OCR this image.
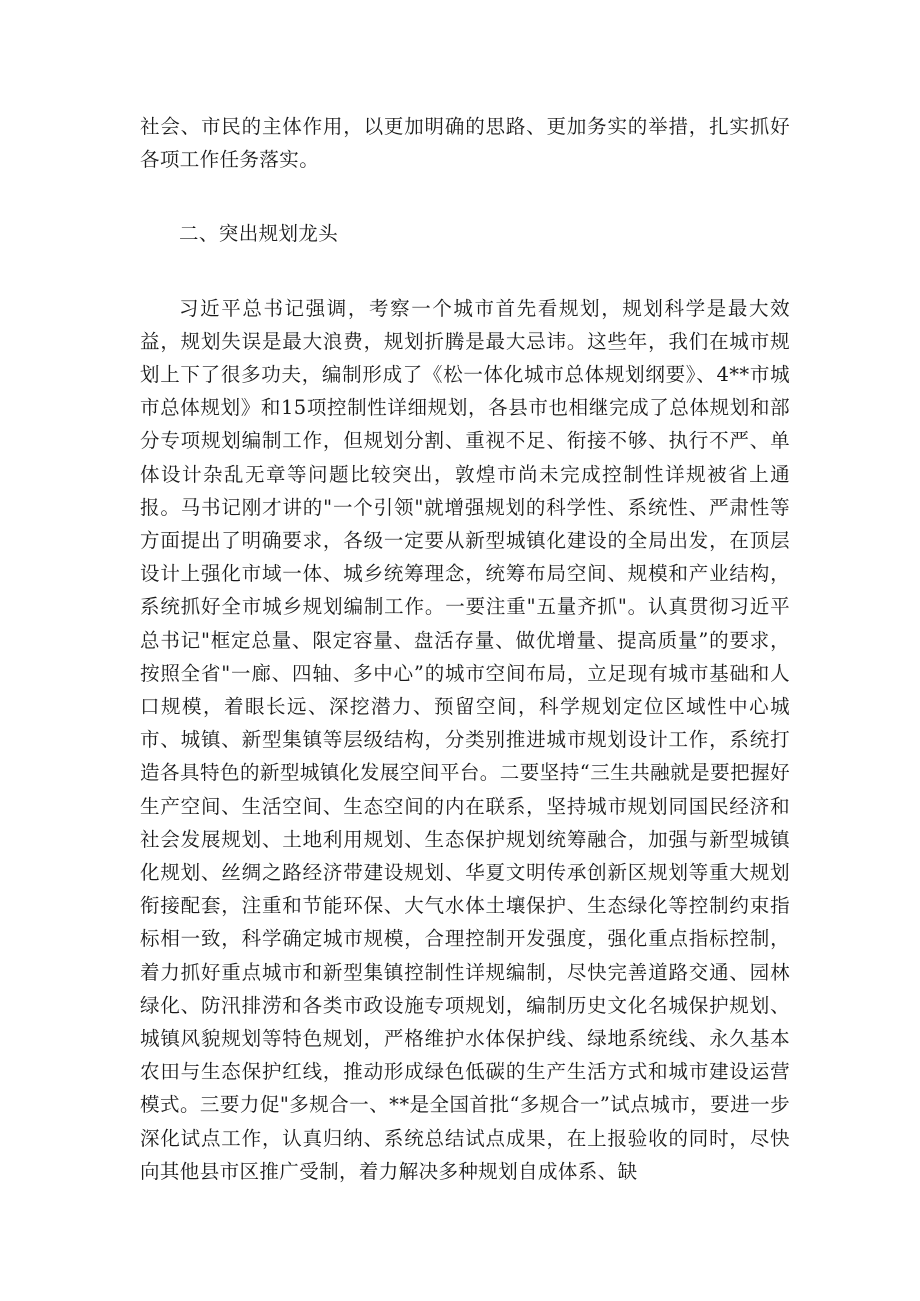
社会、市民的主体作用，以更加明确的思路、更加务实的举措，扎实抓好各项工作任务落实。

二、突出规划龙头

习近平总书记强调，考察一个城市首先看规划，规划科学是最大效益，规划失误是最大浪费，规划折腾是最大忌讳。这些年，我们在城市规划上下了很多功夫，编制形成了《松一体化城市总体规划纲要》、4**市城市总体规划》和15项控制性详细规划，各县市也相继完成了总体规划和部分专项规划编制工作，但规划分割、重视不足、衔接不够、执行不严、单体设计杂乱无章等问题比较突出，敦煌市尚未完成控制性详规被省上通报。马书记刚才讲的"一个引领"就增强规划的科学性、系统性、严肃性等方面提出了明确要求，各级一定要从新型城镇化建设的全局出发，在顶层设计上强化市域一体、城乡统筹理念，统筹布局空间、规模和产业结构，系统抓好全市城乡规划编制工作。一要注重"五量齐抓"。认真贯彻习近平总书记"框定总量、限定容量、盘活存量、做优增量、提高质量”的要求，按照全省"一廊、四轴、多中心”的城市空间布局，立足现有城市基础和人口规模，着眼长远、深挖潜力、预留空间，科学规划定位区域性中心城市、城镇、新型集镇等层级结构，分类别推进城市规划设计工作，系统打造各具特色的新型城镇化发展空间平台。二要坚持“三生共融就是要把握好生产空间、生活空间、生态空间的内在联系，坚持城市规划同国民经济和社会发展规划、土地利用规划、生态保护规划统筹融合，加强与新型城镇化规划、丝绸之路经济带建设规划、华夏文明传承创新区规划等重大规划衔接配套，注重和节能环保、大气水体土壤保护、生态绿化等控制约束指标相一致，科学确定城市规模，合理控制开发强度，强化重点指标控制，着力抓好重点城市和新型集镇控制性详规编制，尽快完善道路交通、园林绿化、防汛排涝和各类市政设施专项规划，编制历史文化名城保护规划、城镇风貌规划等特色规划，严格维护水体保护线、绿地系统线、永久基本农田与生态保护红线，推动形成绿色低碳的生产生活方式和城市建设运营模式。三要力促"多规合一、**是全国首批“多规合一”试点城市，要进一步深化试点工作，认真归纳、系统总结试点成果，在上报验收的同时，尽快向其他县市区推广受制，着力解决多种规划自成体系、缺
